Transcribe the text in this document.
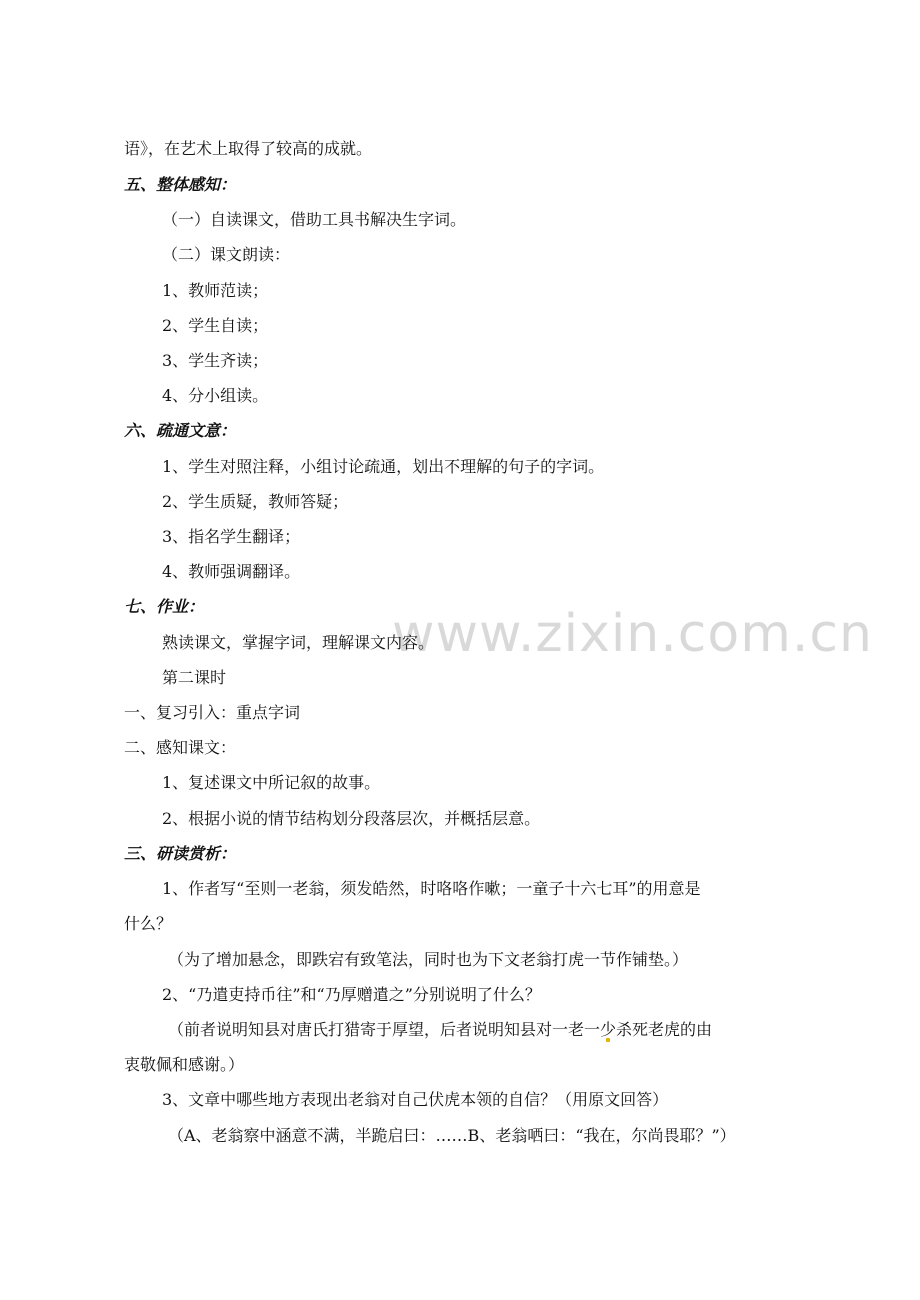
www.zixin.com.cn
语》，在艺术上取得了较高的成就。
五、整体感知：
（一）自读课文，借助工具书解决生字词。
（二）课文朗读：
1、教师范读；
2、学生自读；
3、学生齐读；
4、分小组读。
六、疏通文意：
1、学生对照注释，小组讨论疏通，划出不理解的句子的字词。
2、学生质疑，教师答疑；
3、指名学生翻译；
4、教师强调翻译。
七、作业：
熟读课文，掌握字词，理解课文内容。
第二课时
一、复习引入：重点字词
二、感知课文：
1、复述课文中所记叙的故事。
2、根据小说的情节结构划分段落层次，并概括层意。
三、研读赏析：
1、作者写“至则一老翁，须发皓然，时咯咯作嗽；一童子十六七耳”的用意是
什么？
（为了增加悬念，即跌宕有致笔法，同时也为下文老翁打虎一节作铺垫。）
2、“乃遣吏持币往”和“乃厚赠遣之”分别说明了什么？
（前者说明知县对唐氏打猎寄于厚望，后者说明知县对一老一少杀死老虎的由
衷敬佩和感谢。）
3、文章中哪些地方表现出老翁对自己伏虎本领的自信？（用原文回答）
（A、老翁察中涵意不满，半跪启曰：……B、老翁哂曰：“我在，尔尚畏耶？”）
